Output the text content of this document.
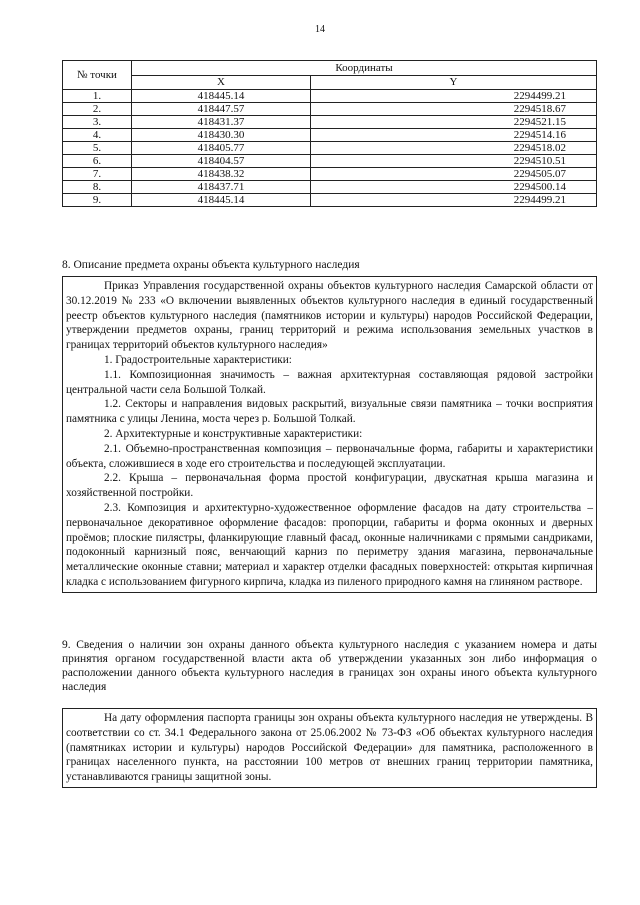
14
№ точки	Координаты	
	X	Y
1.	418445.14	2294499.21
2.	418447.57	2294518.67
3.	418431.37	2294521.15
4.	418430.30	2294514.16
5.	418405.77	2294518.02
6.	418404.57	2294510.51
7.	418438.32	2294505.07
8.	418437.71	2294500.14
9.	418445.14	2294499.21
8. Описание предмета охраны объекта культурного наследия

Приказ Управления государственной охраны объектов культурного наследия Самарской области от 30.12.2019 № 233 «О включении выявленных объектов культурного наследия в единый государственный реестр объектов культурного наследия (памятников истории и культуры) народов Российской Федерации, утверждении предметов охраны, границ территорий и режима использования земельных участков в границах территорий объектов культурного наследия»

1. Градостроительные характеристики:

1.1. Композиционная значимость – важная архитектурная составляющая рядовой застройки центральной части села Большой Толкай.

1.2. Секторы и направления видовых раскрытий, визуальные связи памятника – точки восприятия памятника с улицы Ленина, моста через р. Большой Толкай.

2. Архитектурные и конструктивные характеристики:

2.1. Объемно-пространственная композиция – первоначальные форма, габариты и характеристики объекта, сложившиеся в ходе его строительства и последующей эксплуатации.

2.2. Крыша – первоначальная форма простой конфигурации, двускатная крыша магазина и хозяйственной постройки.

2.3. Композиция и архитектурно-художественное оформление фасадов на дату строительства – первоначальное декоративное оформление фасадов: пропорции, габариты и форма оконных и дверных проёмов; плоские пилястры, фланкирующие главный фасад, оконные наличниками с прямыми сандриками, подоконный карнизный пояс, венчающий карниз по периметру здания магазина, первоначальные металлические оконные ставни; материал и характер отделки фасадных поверхностей: открытая кирпичная кладка с использованием фигурного кирпича, кладка из пиленого природного камня на глиняном растворе.

9. Сведения о наличии зон охраны данного объекта культурного наследия с указанием номера и даты принятия органом государственной власти акта об утверждении указанных зон либо информация о расположении данного объекта культурного наследия в границах зон охраны иного объекта культурного наследия

На дату оформления паспорта границы зон охраны объекта культурного наследия не утверждены. В соответствии со ст. 34.1 Федерального закона от 25.06.2002 № 73-ФЗ «Об объектах культурного наследия (памятниках истории и культуры) народов Российской Федерации» для памятника, расположенного в границах населенного пункта, на расстоянии 100 метров от внешних границ территории памятника, устанавливаются границы защитной зоны.
